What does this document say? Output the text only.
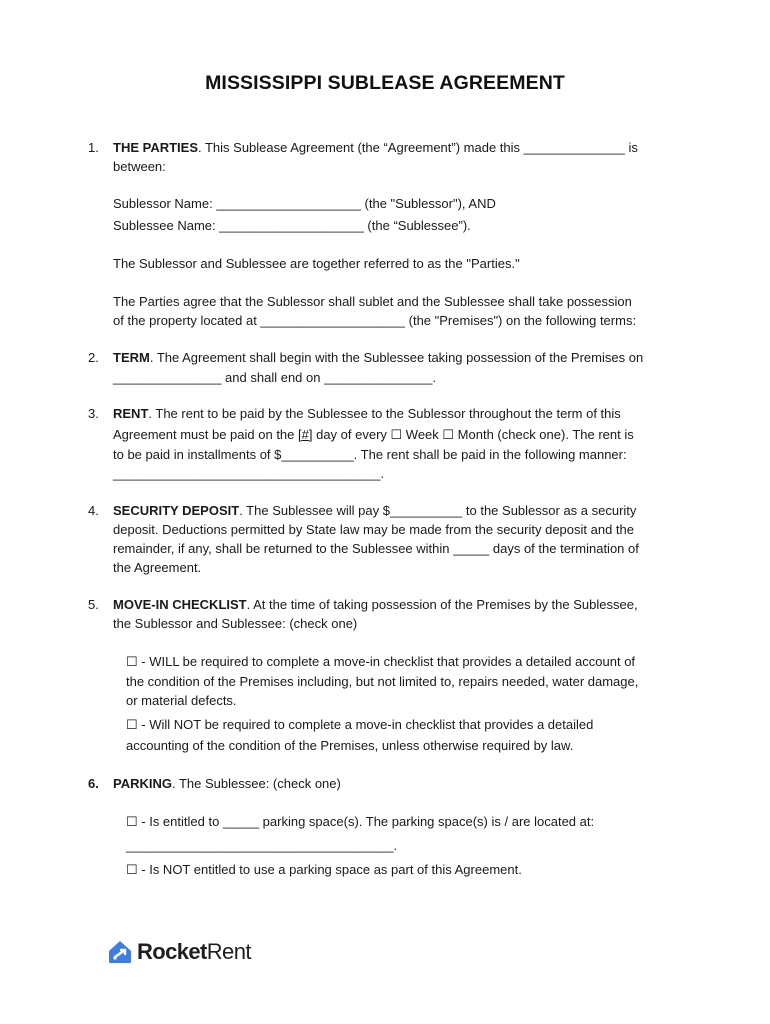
MISSISSIPPI SUBLEASE AGREEMENT
1. THE PARTIES. This Sublease Agreement (the “Agreement”) made this ______________ is
between:
Sublessor Name: ____________________ (the "Sublessor"), AND
Sublessee Name: ____________________ (the “Sublessee”).
The Sublessor and Sublessee are together referred to as the "Parties."
The Parties agree that the Sublessor shall sublet and the Sublessee shall take possession
of the property located at ____________________ (the "Premises") on the following terms:
2. TERM. The Agreement shall begin with the Sublessee taking possession of the Premises on
_______________ and shall end on _______________.
3. RENT. The rent to be paid by the Sublessee to the Sublessor throughout the term of this
Agreement must be paid on the [#] day of every ☐ Week ☐ Month (check one). The rent is
to be paid in installments of $__________. The rent shall be paid in the following manner:
_____________________________________.
4. SECURITY DEPOSIT. The Sublessee will pay $__________ to the Sublessor as a security
deposit. Deductions permitted by State law may be made from the security deposit and the
remainder, if any, shall be returned to the Sublessee within _____ days of the termination of
the Agreement.
5. MOVE-IN CHECKLIST. At the time of taking possession of the Premises by the Sublessee,
the Sublessor and Sublessee: (check one)
☐ - WILL be required to complete a move-in checklist that provides a detailed account of
the condition of the Premises including, but not limited to, repairs needed, water damage,
or material defects.
☐ - Will NOT be required to complete a move-in checklist that provides a detailed
accounting of the condition of the Premises, unless otherwise required by law.
6. PARKING. The Sublessee: (check one)
☐ - Is entitled to _____ parking space(s). The parking space(s) is / are located at:
_____________________________________.
☐ - Is NOT entitled to use a parking space as part of this Agreement.
RocketRent
